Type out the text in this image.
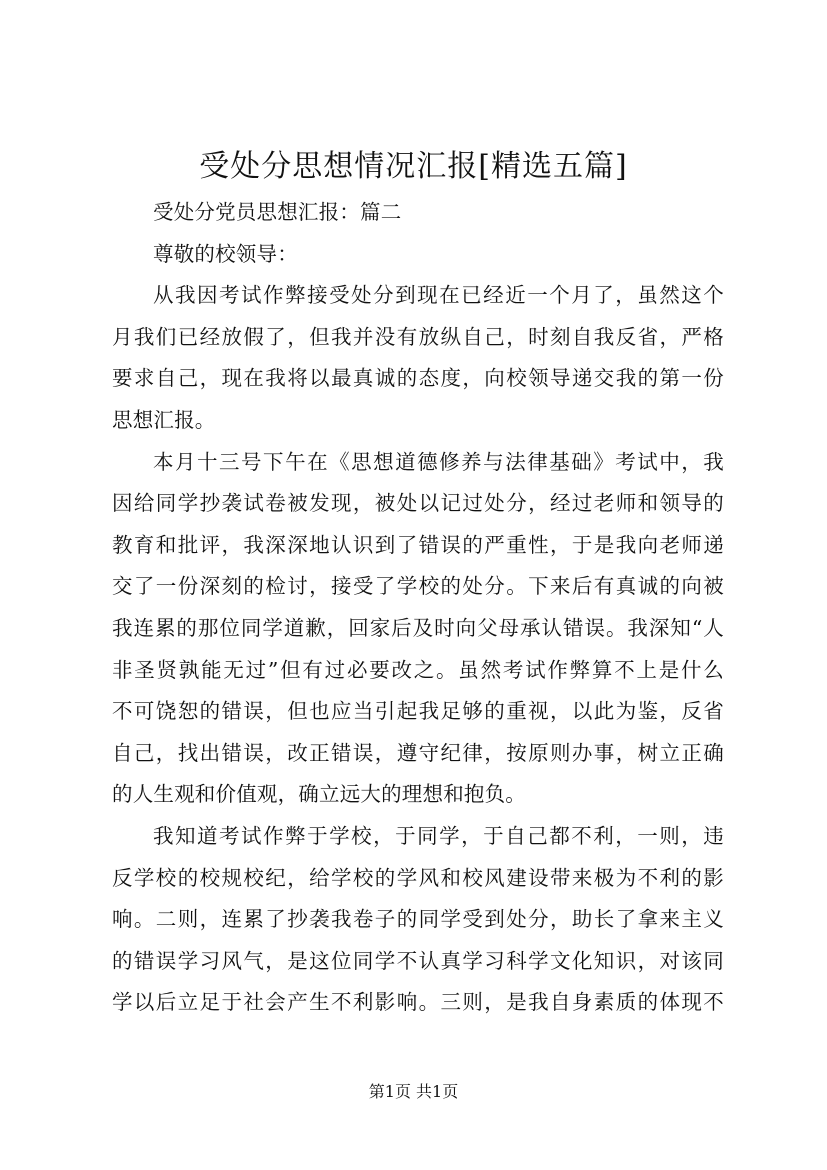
受处分思想情况汇报[精选五篇]
受处分党员思想汇报：篇二
尊敬的校领导：
从我因考试作弊接受处分到现在已经近一个月了，虽然这个
月我们已经放假了，但我并没有放纵自己，时刻自我反省，严格
要求自己，现在我将以最真诚的态度，向校领导递交我的第一份
思想汇报。
本月十三号下午在《思想道德修养与法律基础》考试中，我
因给同学抄袭试卷被发现，被处以记过处分，经过老师和领导的
教育和批评，我深深地认识到了错误的严重性，于是我向老师递
交了一份深刻的检讨，接受了学校的处分。下来后有真诚的向被
我连累的那位同学道歉，回家后及时向父母承认错误。我深知“人
非圣贤孰能无过”但有过必要改之。虽然考试作弊算不上是什么
不可饶恕的错误，但也应当引起我足够的重视，以此为鉴，反省
自己，找出错误，改正错误，遵守纪律，按原则办事，树立正确
的人生观和价值观，确立远大的理想和抱负。
我知道考试作弊于学校，于同学，于自己都不利，一则，违
反学校的校规校纪，给学校的学风和校风建设带来极为不利的影
响。二则，连累了抄袭我卷子的同学受到处分，助长了拿来主义
的错误学习风气，是这位同学不认真学习科学文化知识，对该同
学以后立足于社会产生不利影响。三则，是我自身素质的体现不
第1页 共1页
